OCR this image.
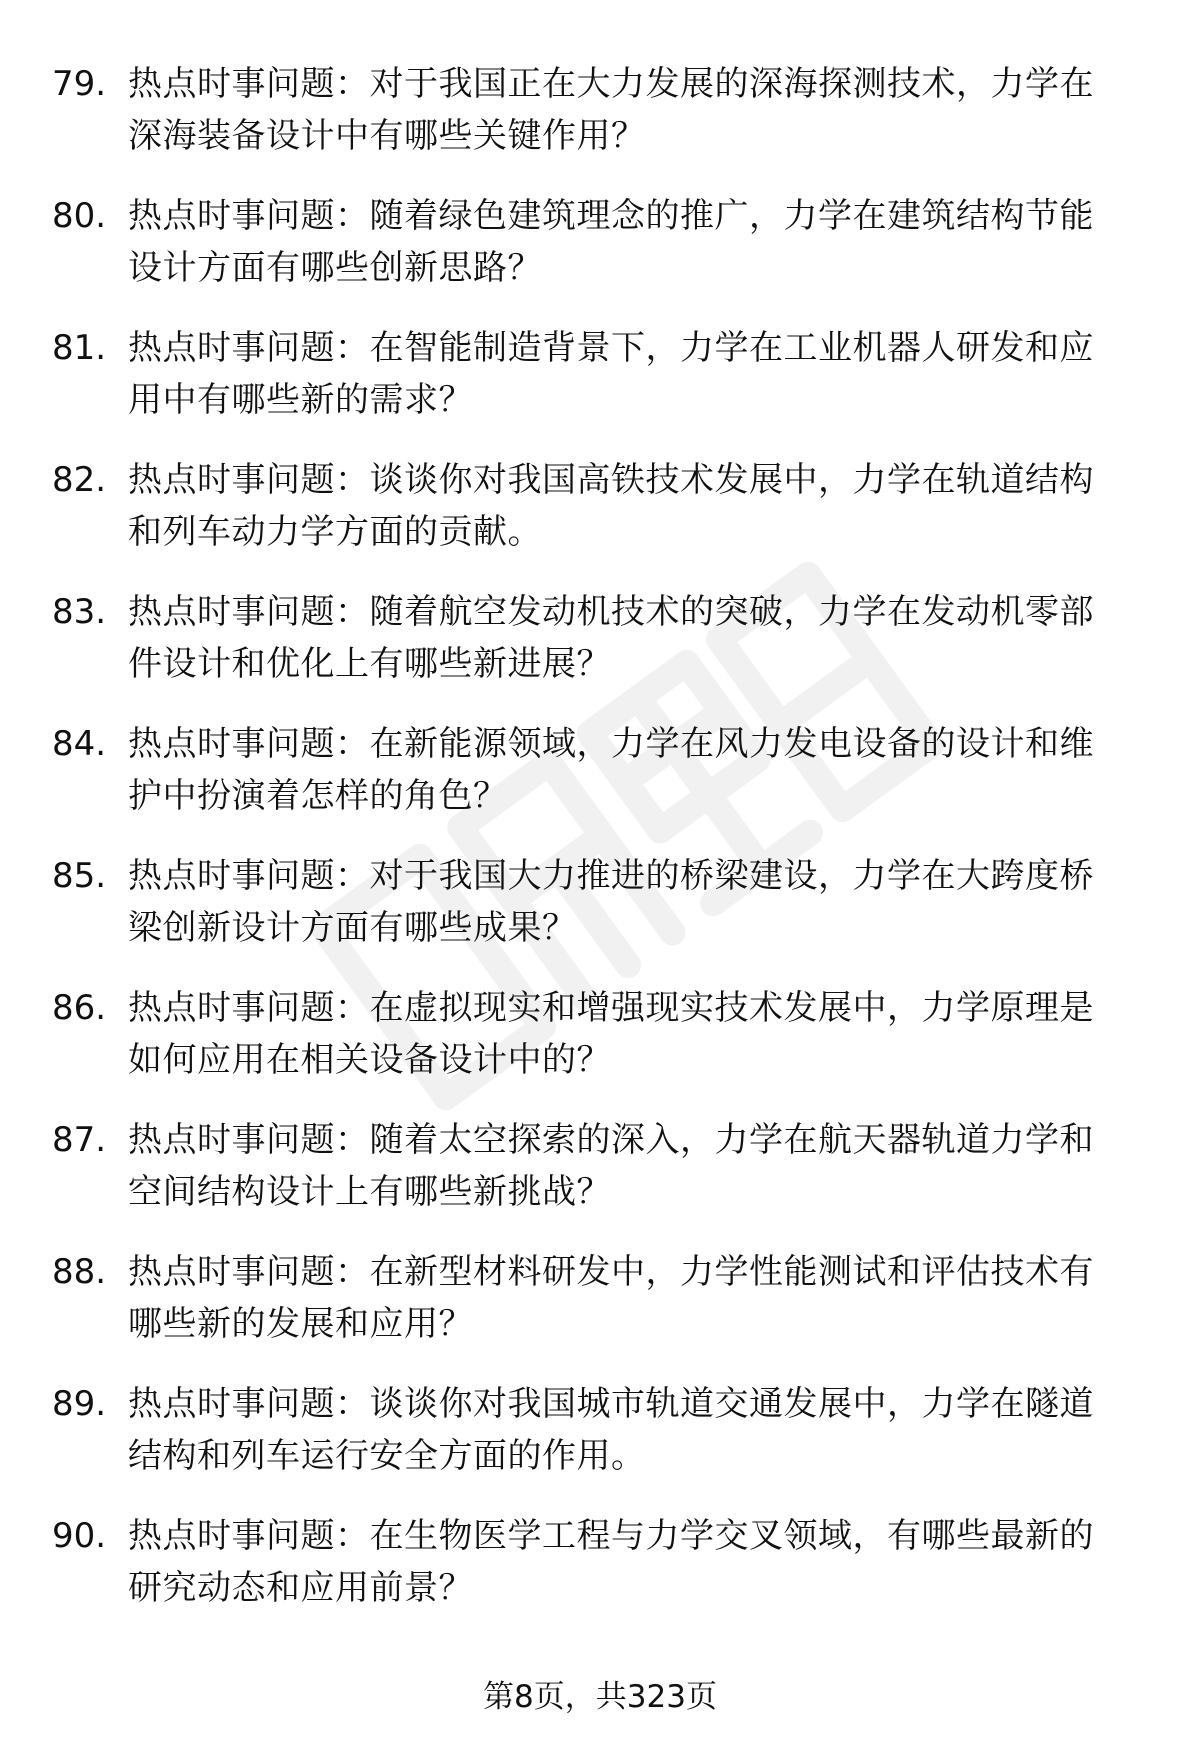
79. 热点时事问题：对于我国正在大力发展的深海探测技术，力学在
深海装备设计中有哪些关键作用？

80. 热点时事问题：随着绿色建筑理念的推广，力学在建筑结构节能
设计方面有哪些创新思路？

81. 热点时事问题：在智能制造背景下，力学在工业机器人研发和应
用中有哪些新的需求？

82. 热点时事问题：谈谈你对我国高铁技术发展中，力学在轨道结构
和列车动力学方面的贡献。

83. 热点时事问题：随着航空发动机技术的突破，力学在发动机零部
件设计和优化上有哪些新进展？

84. 热点时事问题：在新能源领域，力学在风力发电设备的设计和维
护中扮演着怎样的角色？

85. 热点时事问题：对于我国大力推进的桥梁建设，力学在大跨度桥
梁创新设计方面有哪些成果？

86. 热点时事问题：在虚拟现实和增强现实技术发展中，力学原理是
如何应用在相关设备设计中的？

87. 热点时事问题：随着太空探索的深入，力学在航天器轨道力学和
空间结构设计上有哪些新挑战？

88. 热点时事问题：在新型材料研发中，力学性能测试和评估技术有
哪些新的发展和应用？

89. 热点时事问题：谈谈你对我国城市轨道交通发展中，力学在隧道
结构和列车运行安全方面的作用。

90. 热点时事问题：在生物医学工程与力学交叉领域，有哪些最新的
研究动态和应用前景？

第8页，共323页
